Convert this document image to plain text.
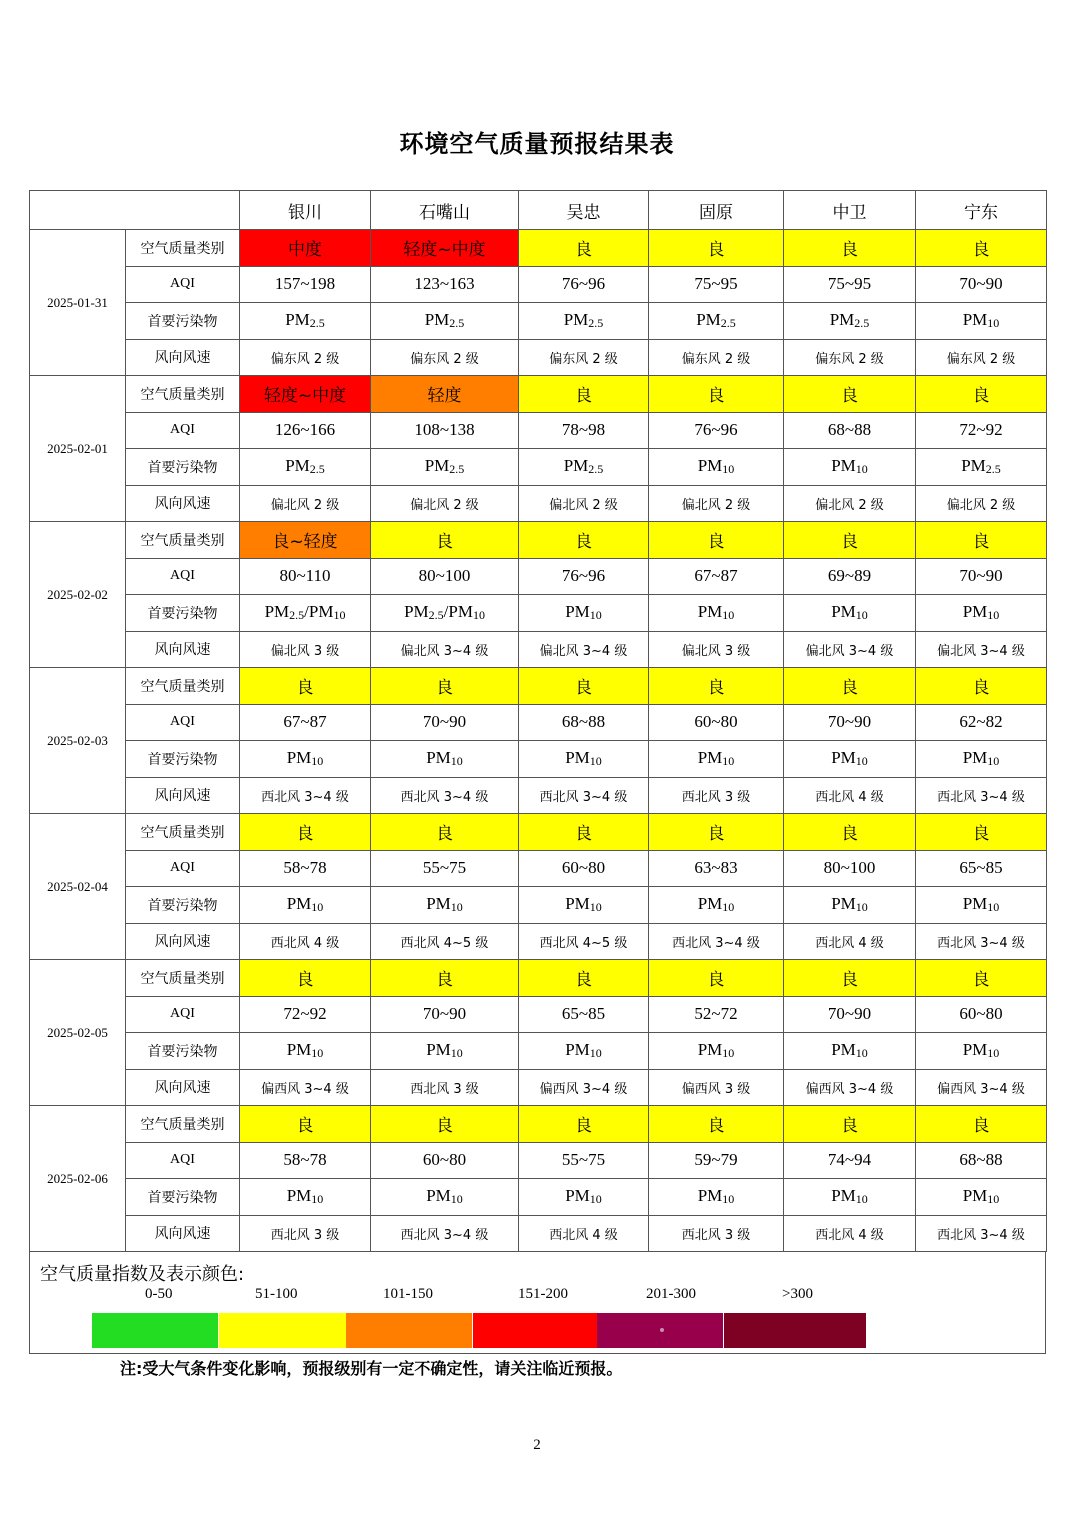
环境空气质量预报结果表
		银川	石嘴山	吴忠	固原	中卫	宁东
2025-01-31	空气质量类别	中度	轻度~中度	良	良	良	良
	AQI	157~198	123~163	76~96	75~95	75~95	70~90
	首要污染物	$PM_{2.5}$	$PM_{2.5}$	$PM_{2.5}$	$PM_{2.5}$	$PM_{2.5}$	$PM_{10}$
	风向风速	偏东风 2 级	偏东风 2 级	偏东风 2 级	偏东风 2 级	偏东风 2 级	偏东风 2 级
2025-02-01	空气质量类别	轻度~中度	轻度	良	良	良	良
	AQI	126~166	108~138	78~98	76~96	68~88	72~92
	首要污染物	$PM_{2.5}$	$PM_{2.5}$	$PM_{2.5}$	$PM_{10}$	$PM_{10}$	$PM_{2.5}$
	风向风速	偏北风 2 级	偏北风 2 级	偏北风 2 级	偏北风 2 级	偏北风 2 级	偏北风 2 级
2025-02-02	空气质量类别	良~轻度	良	良	良	良	良
	AQI	80~110	80~100	76~96	67~87	69~89	70~90
	首要污染物	$PM_{2.5}/PM_{10}$	$PM_{2.5}/PM_{10}$	$PM_{10}$	$PM_{10}$	$PM_{10}$	$PM_{10}$
	风向风速	偏北风 3 级	偏北风 3~4 级	偏北风 3~4 级	偏北风 3 级	偏北风 3~4 级	偏北风 3~4 级
2025-02-03	空气质量类别	良	良	良	良	良	良
	AQI	67~87	70~90	68~88	60~80	70~90	62~82
	首要污染物	$PM_{10}$	$PM_{10}$	$PM_{10}$	$PM_{10}$	$PM_{10}$	$PM_{10}$
	风向风速	西北风 3~4 级	西北风 3~4 级	西北风 3~4 级	西北风 3 级	西北风 4 级	西北风 3~4 级
2025-02-04	空气质量类别	良	良	良	良	良	良
	AQI	58~78	55~75	60~80	63~83	80~100	65~85
	首要污染物	$PM_{10}$	$PM_{10}$	$PM_{10}$	$PM_{10}$	$PM_{10}$	$PM_{10}$
	风向风速	西北风 4 级	西北风 4~5 级	西北风 4~5 级	西北风 3~4 级	西北风 4 级	西北风 3~4 级
2025-02-05	空气质量类别	良	良	良	良	良	良
	AQI	72~92	70~90	65~85	52~72	70~90	60~80
	首要污染物	$PM_{10}$	$PM_{10}$	$PM_{10}$	$PM_{10}$	$PM_{10}$	$PM_{10}$
	风向风速	偏西风 3~4 级	西北风 3 级	偏西风 3~4 级	偏西风 3 级	偏西风 3~4 级	偏西风 3~4 级
2025-02-06	空气质量类别	良	良	良	良	良	良
	AQI	58~78	60~80	55~75	59~79	74~94	68~88
	首要污染物	$PM_{10}$	$PM_{10}$	$PM_{10}$	$PM_{10}$	$PM_{10}$	$PM_{10}$
	风向风速	西北风 3 级	西北风 3~4 级	西北风 4 级	西北风 3 级	西北风 4 级	西北风 3~4 级
空气质量指数及表示颜色:
0-50	51-100	101-150	151-200	201-300	>300
注:受大气条件变化影响，预报级别有一定不确定性，请关注临近预报。
2
